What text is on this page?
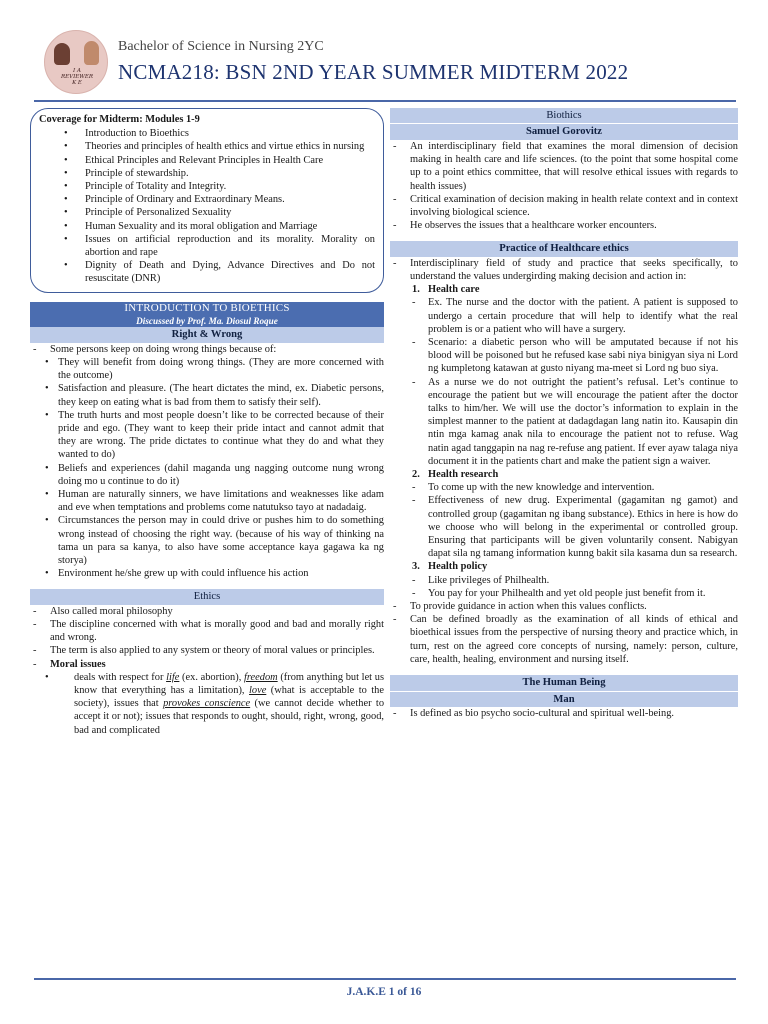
I A
REVIEWER
K E
Bachelor of Science in Nursing 2YC
NCMA218: BSN 2ND YEAR SUMMER MIDTERM 2022
Coverage for Midterm: Modules 1-9
• Introduction to Bioethics
• Theories and principles of health ethics and virtue ethics in nursing
• Ethical Principles and Relevant Principles in Health Care
• Principle of stewardship.
• Principle of Totality and Integrity.
• Principle of Ordinary and Extraordinary Means.
• Principle of Personalized Sexuality
• Human Sexuality and its moral obligation and Marriage
• Issues on artificial reproduction and its morality. Morality on abortion and rape
• Dignity of Death and Dying, Advance Directives and Do not resuscitate (DNR)
INTRODUCTION TO BIOETHICS
Discussed by Prof. Ma. Diosul Roque
Right & Wrong
- Some persons keep on doing wrong things because of:
• They will benefit from doing wrong things. (They are more concerned with the outcome)
• Satisfaction and pleasure. (The heart dictates the mind, ex. Diabetic persons, they keep on eating what is bad from them to satisfy their self).
• The truth hurts and most people doesn’t like to be corrected because of their pride and ego. (They want to keep their pride intact and cannot admit that they are wrong. The pride dictates to continue what they do and what they wanted to do)
• Beliefs and experiences (dahil maganda ung nagging outcome nung wrong doing mo u continue to do it)
• Human are naturally sinners, we have limitations and weaknesses like adam and eve when temptations and problems come natutukso tayo at nadadaig.
• Circumstances the person may in could drive or pushes him to do something wrong instead of choosing the right way. (because of his way of thinking na tama un para sa kanya, to also have some acceptance kaya gagawa ka ng storya)
• Environment he/she grew up with could influence his action
Ethics
- Also called moral philosophy
- The discipline concerned with what is morally good and bad and morally right and wrong.
- The term is also applied to any system or theory of moral values or principles.
- Moral issues
• deals with respect for life (ex. abortion), freedom (from anything but let us know that everything has a limitation), love (what is acceptable to the society), issues that provokes conscience (we cannot decide whether to accept it or not); issues that responds to ought, should, right, wrong, good, bad and complicated
Biothics
Samuel Gorovitz
- An interdisciplinary field that examines the moral dimension of decision making in health care and life sciences. (to the point that some hospital come up to a point ethics committee, that will resolve ethical issues with regards to health issues)
- Critical examination of decision making in health relate context and in context involving biological science.
- He observes the issues that a healthcare worker encounters.
Practice of Healthcare ethics
- Interdisciplinary field of study and practice that seeks specifically, to understand the values undergirding making decision and action in:
1. Health care
- Ex. The nurse and the doctor with the patient. A patient is supposed to undergo a certain procedure that will help to identify what the real problem is or a patient who will have a surgery.
- Scenario: a diabetic person who will be amputated because if not his blood will be poisoned but he refused kase sabi niya binigyan siya ni Lord ng kumpletong katawan at gusto niyang ma-meet si Lord ng buo siya.
- As a nurse we do not outright the patient’s refusal. Let’s continue to encourage the patient but we will encourage the patient after the doctor talks to him/her. We will use the doctor’s information to explain in the simplest manner to the patient at dadagdagan lang natin ito. Kausapin din ntin mga kamag anak nila to encourage the patient not to refuse. Wag natin agad tanggapin na nag re-refuse ang patient. If ever ayaw talaga niya document it in the patients chart and make the patient sign a waiver.
2. Health research
- To come up with the new knowledge and intervention.
- Effectiveness of new drug. Experimental (gagamitan ng gamot) and controlled group (gagamitan ng ibang substance). Ethics in here is how do we choose who will belong in the experimental or controlled group. Ensuring that participants will be given voluntarily consent. Nabigyan dapat sila ng tamang information kunng bakit sila kasama dun sa research.
3. Health policy
- Like privileges of Philhealth.
- You pay for your Philhealth and yet old people just benefit from it.
- To provide guidance in action when this values conflicts.
- Can be defined broadly as the examination of all kinds of ethical and bioethical issues from the perspective of nursing theory and practice which, in turn, rest on the agreed core concepts of nursing, namely: person, culture, care, health, healing, environment and nursing itself.
The Human Being
Man
- Is defined as bio psycho socio-cultural and spiritual well-being.
J.A.K.E 1 of 16
